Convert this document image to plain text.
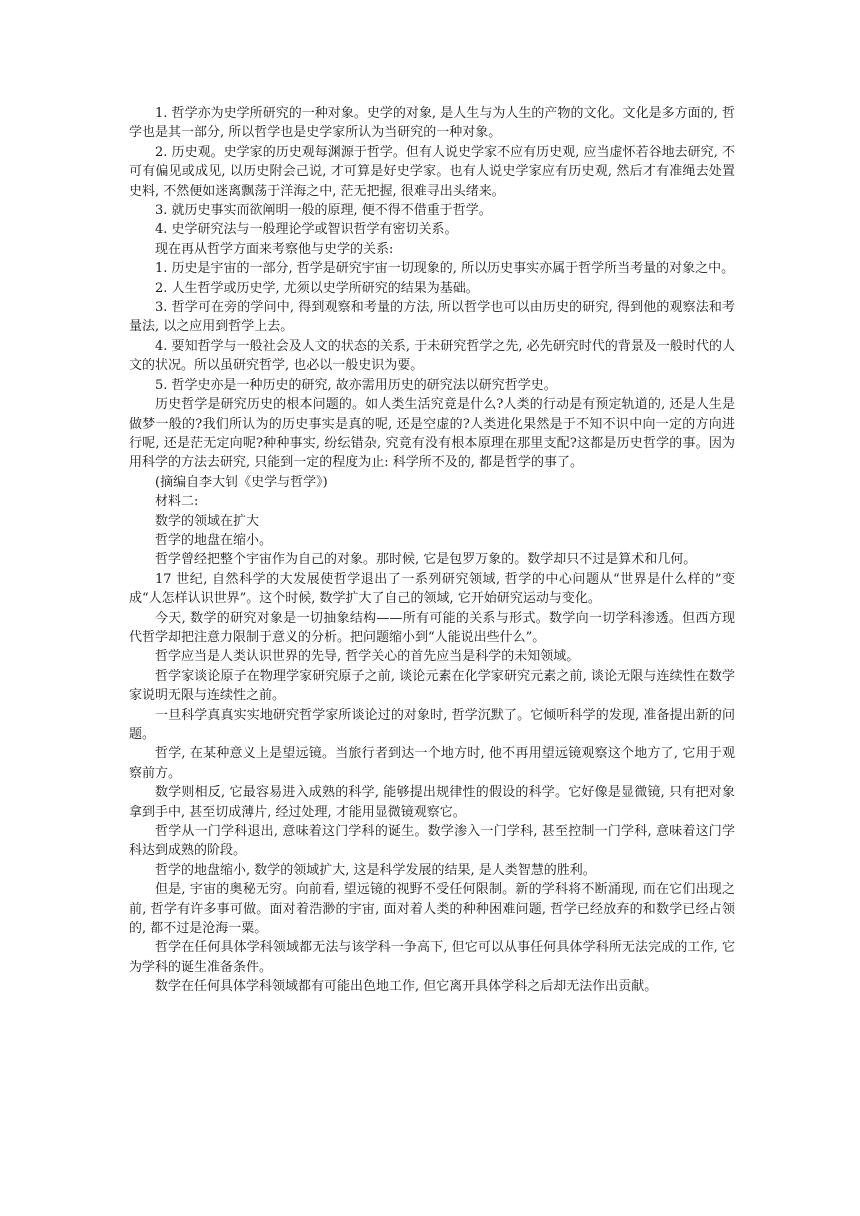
1. 哲学亦为史学所研究的一种对象。史学的对象, 是人生与为人生的产物的文化。文化是多方面的, 哲学也是其一部分, 所以哲学也是史学家所认为当研究的一种对象。

2. 历史观。史学家的历史观每渊源于哲学。但有人说史学家不应有历史观, 应当虚怀若谷地去研究, 不可有偏见或成见, 以历史附会己说, 才可算是好史学家。也有人说史学家应有历史观, 然后才有准绳去处置史料, 不然便如迷离飘荡于洋海之中, 茫无把握, 很难寻出头绪来。

3. 就历史事实而欲阐明一般的原理, 便不得不借重于哲学。

4. 史学研究法与一般理论学或智识哲学有密切关系。

现在再从哲学方面来考察他与史学的关系:

1. 历史是宇宙的一部分, 哲学是研究宇宙一切现象的, 所以历史事实亦属于哲学所当考量的对象之中。

2. 人生哲学或历史学, 尤须以史学所研究的结果为基础。

3. 哲学可在旁的学问中, 得到观察和考量的方法, 所以哲学也可以由历史的研究, 得到他的观察法和考量法, 以之应用到哲学上去。

4. 要知哲学与一般社会及人文的状态的关系, 于未研究哲学之先, 必先研究时代的背景及一般时代的人文的状况。所以虽研究哲学, 也必以一般史识为要。

5. 哲学史亦是一种历史的研究, 故亦需用历史的研究法以研究哲学史。

历史哲学是研究历史的根本问题的。如人类生活究竟是什么?人类的行动是有预定轨道的, 还是人生是做梦一般的?我们所认为的历史事实是真的呢, 还是空虚的?人类进化果然是于不知不识中向一定的方向进行呢, 还是茫无定向呢?种种事实, 纷纭错杂, 究竟有没有根本原理在那里支配?这都是历史哲学的事。因为用科学的方法去研究, 只能到一定的程度为止: 科学所不及的, 都是哲学的事了。

(摘编自李大钊《史学与哲学》)

材料二:

数学的领域在扩大

哲学的地盘在缩小。

哲学曾经把整个宇宙作为自己的对象。那时候, 它是包罗万象的。数学却只不过是算术和几何。

17 世纪, 自然科学的大发展使哲学退出了一系列研究领域, 哲学的中心问题从“世界是什么样的”变成“人怎样认识世界”。这个时候, 数学扩大了自己的领域, 它开始研究运动与变化。

今天, 数学的研究对象是一切抽象结构——所有可能的关系与形式。数学向一切学科渗透。但西方现代哲学却把注意力限制于意义的分析。把问题缩小到“人能说出些什么”。

哲学应当是人类认识世界的先导, 哲学关心的首先应当是科学的未知领域。

哲学家谈论原子在物理学家研究原子之前, 谈论元素在化学家研究元素之前, 谈论无限与连续性在数学家说明无限与连续性之前。

一旦科学真真实实地研究哲学家所谈论过的对象时, 哲学沉默了。它倾听科学的发现, 准备提出新的问题。

哲学, 在某种意义上是望远镜。当旅行者到达一个地方时, 他不再用望远镜观察这个地方了, 它用于观察前方。

数学则相反, 它最容易进入成熟的科学, 能够提出规律性的假设的科学。它好像是显微镜, 只有把对象拿到手中, 甚至切成薄片, 经过处理, 才能用显微镜观察它。

哲学从一门学科退出, 意味着这门学科的诞生。数学渗入一门学科, 甚至控制一门学科, 意味着这门学科达到成熟的阶段。

哲学的地盘缩小, 数学的领域扩大, 这是科学发展的结果, 是人类智慧的胜利。

但是, 宇宙的奥秘无穷。向前看, 望远镜的视野不受任何限制。新的学科将不断涌现, 而在它们出现之前, 哲学有许多事可做。面对着浩渺的宇宙, 面对着人类的种种困难问题, 哲学已经放弃的和数学已经占领的, 都不过是沧海一粟。

哲学在任何具体学科领域都无法与该学科一争高下, 但它可以从事任何具体学科所无法完成的工作, 它为学科的诞生准备条件。

数学在任何具体学科领域都有可能出色地工作, 但它离开具体学科之后却无法作出贡献。
